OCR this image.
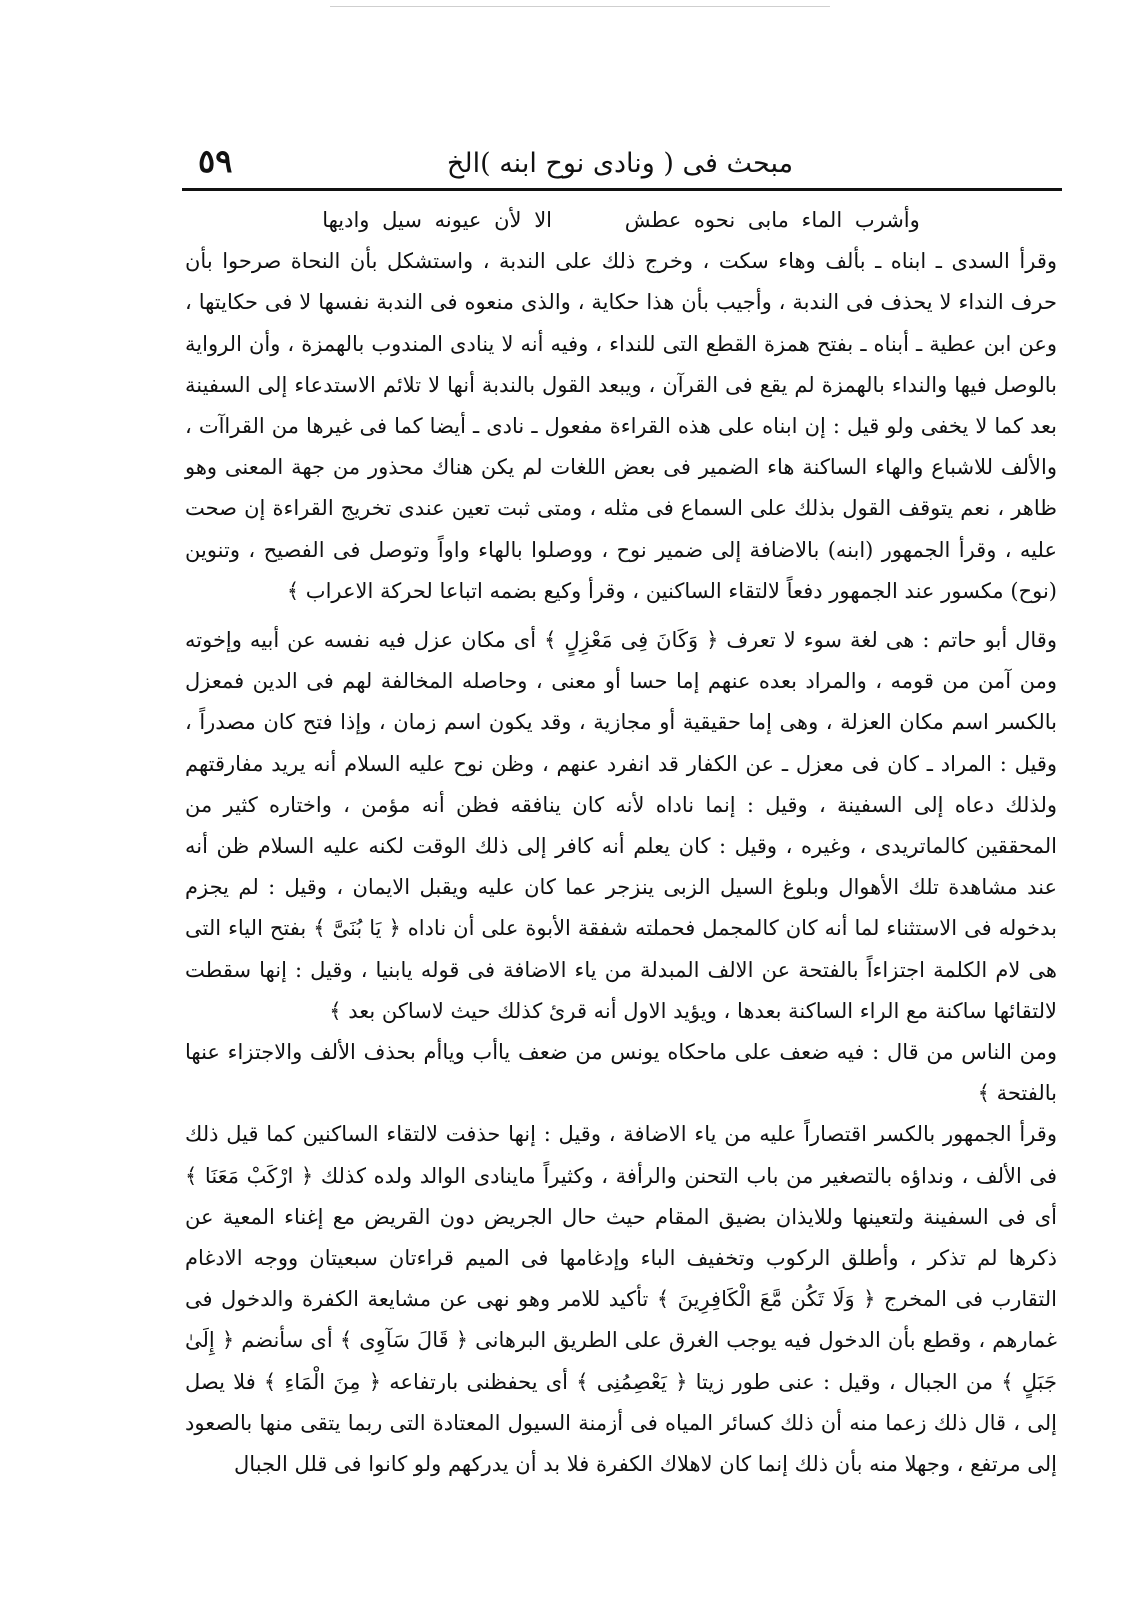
مبحث فى ( ونادى نوح ابنه )الخ
٥٩

وأشرب الماء مابى نحوه عطش الا لأن عيونه سيل واديها

وقرأ السدى ـ ابناه ـ بألف وهاء سكت ، وخرج ذلك على الندبة ، واستشكل بأن النحاة صرحوا بأن حرف النداء لا يحذف فى الندبة ، وأجيب بأن هذا حكاية ، والذى منعوه فى الندبة نفسها لا فى حكايتها ، وعن ابن عطية ـ أبناه ـ بفتح همزة القطع التى للنداء ، وفيه أنه لا ينادى المندوب بالهمزة ، وأن الرواية بالوصل فيها والنداء بالهمزة لم يقع فى القرآن ، ويبعد القول بالندبة أنها لا تلائم الاستدعاء إلى السفينة بعد كما لا يخفى ولو قيل : إن ابناه على هذه القراءة مفعول ـ نادى ـ أيضا كما فى غيرها من القراآت ، والألف للاشباع والهاء الساكنة هاء الضمير فى بعض اللغات لم يكن هناك محذور من جهة المعنى وهو ظاهر ، نعم يتوقف القول بذلك على السماع فى مثله ، ومتى ثبت تعين عندى تخريج القراءة إن صحت عليه ، وقرأ الجمهور (ابنه) بالاضافة إلى ضمير نوح ، ووصلوا بالهاء واواً وتوصل فى الفصيح ، وتنوين (نوح) مكسور عند الجمهور دفعاً لالتقاء الساكنين ، وقرأ وكيع بضمه اتباعا لحركة الاعراب ﴾

وقال أبو حاتم : هى لغة سوء لا تعرف ﴿ وَكَانَ فِى مَعْزِلٍ ﴾ أى مكان عزل فيه نفسه عن أبيه وإخوته ومن آمن من قومه ، والمراد بعده عنهم إما حسا أو معنى ، وحاصله المخالفة لهم فى الدين فمعزل بالكسر اسم مكان العزلة ، وهى إما حقيقية أو مجازية ، وقد يكون اسم زمان ، وإذا فتح كان مصدراً ، وقيل : المراد ـ كان فى معزل ـ عن الكفار قد انفرد عنهم ، وظن نوح عليه السلام أنه يريد مفارقتهم ولذلك دعاه إلى السفينة ، وقيل : إنما ناداه لأنه كان ينافقه فظن أنه مؤمن ، واختاره كثير من المحققين كالماتريدى ، وغيره ، وقيل : كان يعلم أنه كافر إلى ذلك الوقت لكنه عليه السلام ظن أنه عند مشاهدة تلك الأهوال وبلوغ السيل الزبى ينزجر عما كان عليه ويقبل الايمان ، وقيل : لم يجزم بدخوله فى الاستثناء لما أنه كان كالمجمل فحملته شفقة الأبوة على أن ناداه ﴿ يَا بُنَىَّ ﴾ بفتح الياء التى هى لام الكلمة اجتزاءاً بالفتحة عن الالف المبدلة من ياء الاضافة فى قوله يابنيا ، وقيل : إنها سقطت لالتقائها ساكنة مع الراء الساكنة بعدها ، ويؤيد الاول أنه قرئ كذلك حيث لاساكن بعد ﴾

ومن الناس من قال : فيه ضعف على ماحكاه يونس من ضعف ياأب وياأم بحذف الألف والاجتزاء عنها بالفتحة ﴾

وقرأ الجمهور بالكسر اقتصاراً عليه من ياء الاضافة ، وقيل : إنها حذفت لالتقاء الساكنين كما قيل ذلك فى الألف ، ونداؤه بالتصغير من باب التحنن والرأفة ، وكثيراً ماينادى الوالد ولده كذلك ﴿ ارْكَبْ مَعَنَا ﴾ أى فى السفينة ولتعينها وللايذان بضيق المقام حيث حال الجريض دون القريض مع إغناء المعية عن ذكرها لم تذكر ، وأطلق الركوب وتخفيف الباء وإدغامها فى الميم قراءتان سبعيتان ووجه الادغام التقارب فى المخرج ﴿ وَلَا تَكُن مَّعَ الْكَافِرِينَ ﴾ تأكيد للامر وهو نهى عن مشايعة الكفرة والدخول فى غمارهم ، وقطع بأن الدخول فيه يوجب الغرق على الطريق البرهانى ﴿ قَالَ سَآوِى ﴾ أى سأنضم ﴿ إِلَىٰ جَبَلٍ ﴾ من الجبال ، وقيل : عنى طور زيتا ﴿ يَعْصِمُنِى ﴾ أى يحفظنى بارتفاعه ﴿ مِنَ الْمَاءِ ﴾ فلا يصل إلى ، قال ذلك زعما منه أن ذلك كسائر المياه فى أزمنة السيول المعتادة التى ربما يتقى منها بالصعود إلى مرتفع ، وجهلا منه بأن ذلك إنما كان لاهلاك الكفرة فلا بد أن يدركهم ولو كانوا فى قلل الجبال
